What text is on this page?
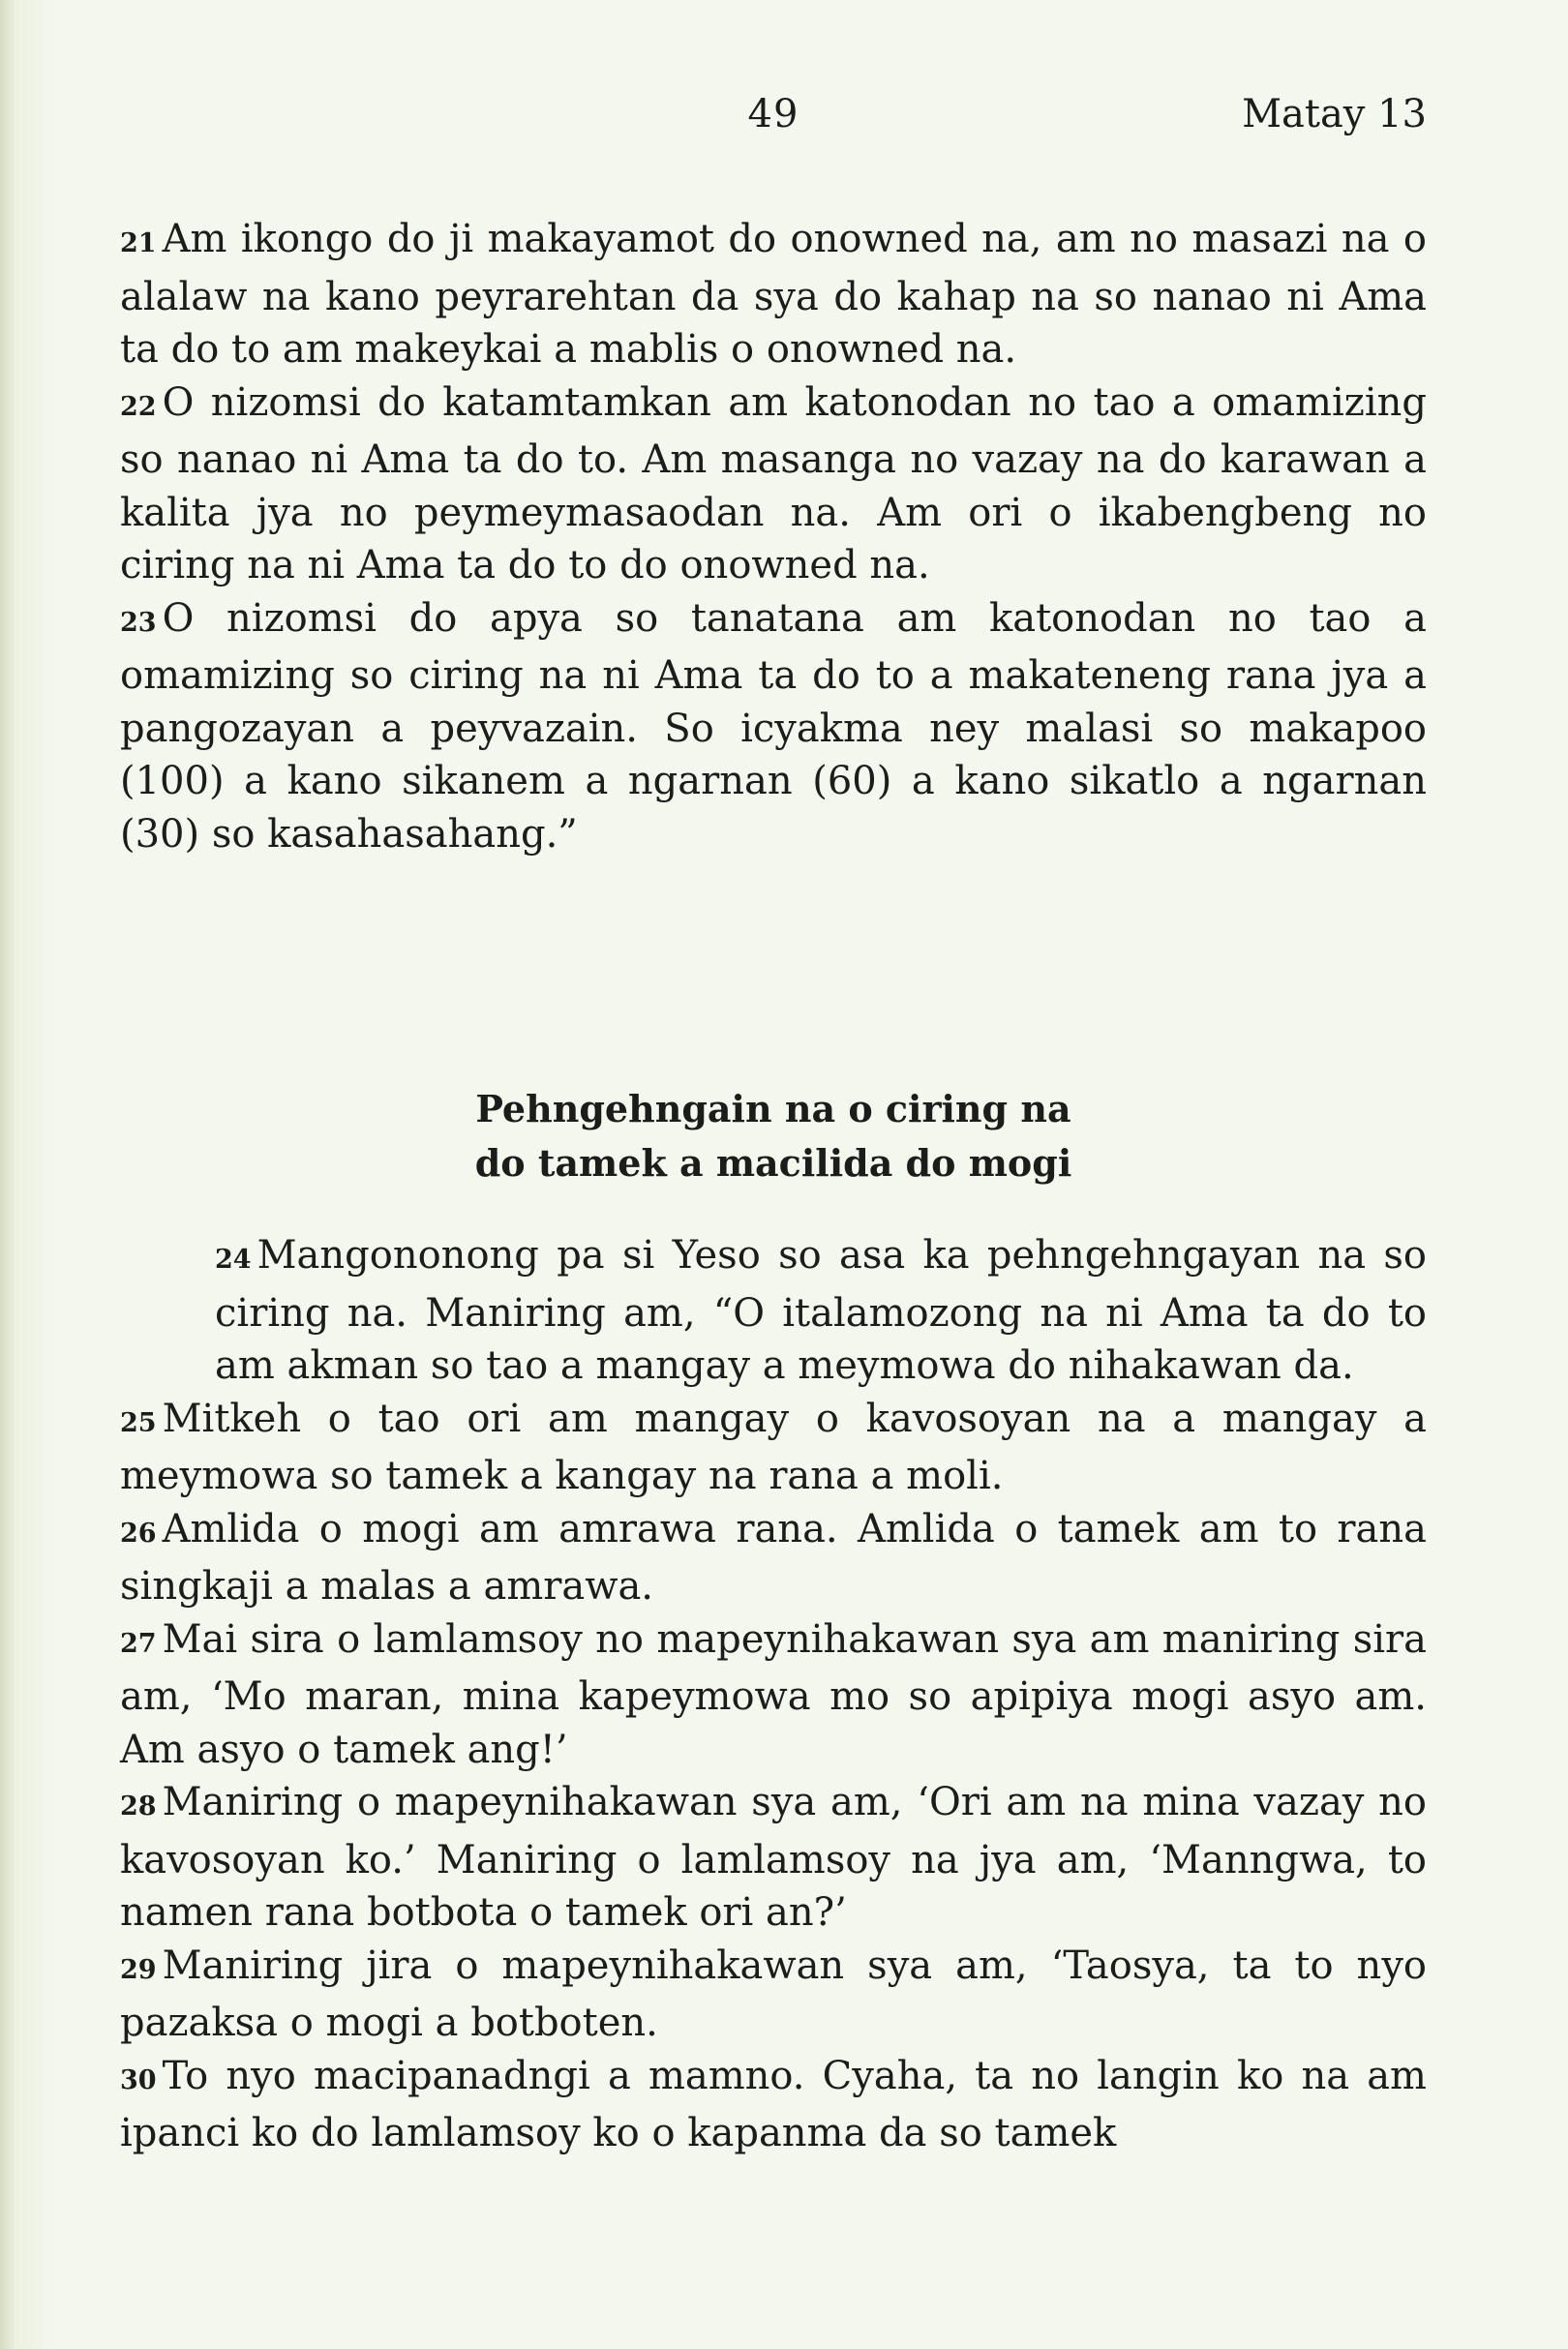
49	Matay 13

21 Am ikongo do ji makayamot do onowned na, am no masazi na o alalaw na kano peyrarehtan da sya do kahap na so nanao ni Ama ta do to am makeykai a mablis o onowned na.

22 O nizomsi do katamtamkan am katonodan no tao a omamizing so nanao ni Ama ta do to. Am masanga no vazay na do karawan a kalita jya no peymeymasaodan na. Am ori o ikabengbeng no ciring na ni Ama ta do to do onowned na.

23 O nizomsi do apya so tanatana am katonodan no tao a omamizing so ciring na ni Ama ta do to a makateneng rana jya a pangozayan a peyvazain. So icyakma ney malasi so makapoo (100) a kano sikanem a ngarnan (60) a kano sikatlo a ngarnan (30) so kasahasahang.”

Pehngehngain na o ciring na

do tamek a macilida do mogi

24 Mangononong pa si Yeso so asa ka pehngehngayan na so ciring na. Maniring am, “O italamozong na ni Ama ta do to am akman so tao a mangay a meymowa do nihakawan da.

25 Mitkeh o tao ori am mangay o kavosoyan na a mangay a meymowa so tamek a kangay na rana a moli.

26 Amlida o mogi am amrawa rana. Amlida o tamek am to rana singkaji a malas a amrawa.

27 Mai sira o lamlamsoy no mapeynihakawan sya am maniring sira am, ‘Mo maran, mina kapeymowa mo so apipiya mogi asyo am. Am asyo o tamek ang!’

28 Maniring o mapeynihakawan sya am, ‘Ori am na mina vazay no kavosoyan ko.’ Maniring o lamlamsoy na jya am, ‘Manngwa, to namen rana botbota o tamek ori an?’

29 Maniring jira o mapeynihakawan sya am, ‘Taosya, ta to nyo pazaksa o mogi a botboten.

30 To nyo macipanadngi a mamno. Cyaha, ta no langin ko na am ipanci ko do lamlamsoy ko o kapanma da so tamek
